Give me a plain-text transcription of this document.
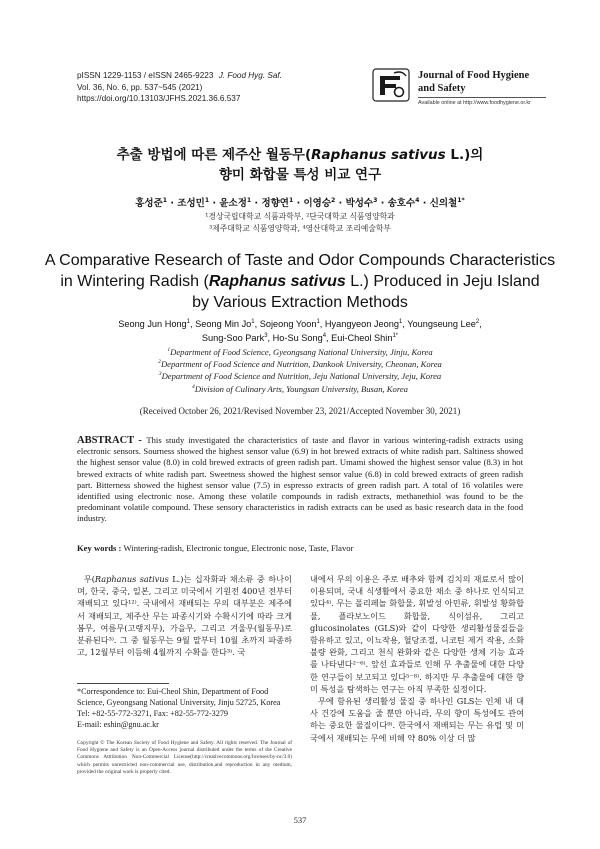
pISSN 1229-1153 / eISSN 2465-9223 J. Food Hyg. Saf.
Vol. 36, No. 6, pp. 537~545 (2021)
https://doi.org/10.13103/JFHS.2021.36.6.537
Journal of Food Hygiene
and Safety
Available online at http://www.foodhygiene.or.kr
추출 방법에 따른 제주산 월동무(Raphanus sativus L.)의
향미 화합물 특성 비교 연구
홍성준$^1$ · 조성민$^1$ · 윤소정$^1$ · 정향연$^1$ · 이영승$^2$ · 박성수$^3$ · 송호수$^4$ · 신의철$^{1*}$
¹경상국립대학교 식품과학부, ²단국대학교 식품영양학과
³제주대학교 식품영양학과, ⁴영산대학교 조리예술학부
A Comparative Research of Taste and Odor Compounds Characteristics
in Wintering Radish (Raphanus sativus L.) Produced in Jeju Island
by Various Extraction Methods
Seong Jun Hong$^1$, Seong Min Jo$^1$, Sojeong Yoon$^1$, Hyangyeon Jeong$^1$, Youngseung Lee$^2$,
Sung-Soo Park$^3$, Ho-Su Song$^4$, Eui-Cheol Shin$^{1*}$
$^1$Department of Food Science, Gyeongsang National University, Jinju, Korea
$^2$Department of Food Science and Nutrition, Dankook University, Cheonan, Korea
$^3$Department of Food Science and Nutrition, Jeju National University, Jeju, Korea
$^4$Division of Culinary Arts, Youngsan University, Busan, Korea
(Received October 26, 2021/Revised November 23, 2021/Accepted November 30, 2021)
ABSTRACT - This study investigated the characteristics of taste and flavor in various wintering-radish extracts using electronic sensors. Sourness showed the highest sensor value (6.9) in hot brewed extracts of white radish part. Saltiness showed the highest sensor value (8.0) in cold brewed extracts of green radish part. Umami showed the highest sensor value (8.3) in hot brewed extracts of white radish part. Sweetness showed the highest sensor value (6.8) in cold brewed extracts of green radish part. Bitterness showed the highest sensor value (7.5) in espresso extracts of green radish part. A total of 16 volatiles were identified using electronic nose. Among these volatile compounds in radish extracts, methanethiol was found to be the predominant volatile compound. These sensory characteristics in radish extracts can be used as basic research data in the food industry.
Key words : Wintering-radish, Electronic tongue, Electronic nose, Taste, Flavor

무(Raphanus sativus L.)는 십자화과 채소류 중 하나이며, 한국, 중국, 일본, 그리고 미국에서 기원전 400년 전부터 재배되고 있다¹²⁾. 국내에서 재배되는 무의 대부분은 제주에서 재배되고, 제주산 무는 파종시기와 수확시기에 따라 크게 봄무, 여름무(고랭지무), 가을무, 그리고 겨울무(월동무)로 분류된다³⁾. 그 중 월동무는 9월 말부터 10월 초까지 파종하고, 12월부터 이듬해 4월까지 수확을 한다³⁾. 국

내에서 무의 이용은 주로 배추와 함께 김치의 재료로서 많이 이용되며, 국내 식생활에서 중요한 채소 중 하나로 인식되고 있다⁴⁾. 무는 폴리페놀 화합물, 휘발성 아민류, 휘발성 황화합물, 플라보노이드 화합물, 식이섬유, 그리고 glucosinolates (GLS)와 같이 다양한 생리활성물질들을 함유하고 있고, 이뇨작용, 혈당조절, 니코틴 제거 작용, 소화불량 완화, 그리고 천식 완화와 같은 다양한 생체 기능 효과를 나타낸다²⁻⁶⁾. 앞선 효과들로 인해 무 추출물에 대한 다양한 연구들이 보고되고 있다⁵⁻⁸⁾. 하지만 무 추출물에 대한 향미 특성을 탐색하는 연구는 아직 부족한 실정이다.

무에 함유된 생리활성 물질 중 하나인 GLS는 인체 내 대사 건강에 도움을 줄 뿐만 아니라, 무의 향미 특성에도 관여하는 중요한 물질이다⁹⁾. 한국에서 재배되는 무는 유럽 및 미국에서 재배되는 무에 비해 약 80% 이상 더 많

*Correspondence to: Eui-Cheol Shin, Department of Food Science, Gyeongsang National University, Jinju 52725, Korea
Tel: +82-55-772-3271, Fax: +82-55-772-3279
E-mail: eshin@gnu.ac.kr
Copyright © The Korean Society of Food Hygiene and Safety. All rights reserved. The Journal of Food Hygiene and Safety is an Open-Access journal distributed under the terms of the Creative Commons Attribution Non-Commercial License(http://creativecommons.org/licenses/by-nc/3.0) which permits unrestricted non-commercial use, distribution,and reproduction in any medium, provided the original work is properly cited.
537
